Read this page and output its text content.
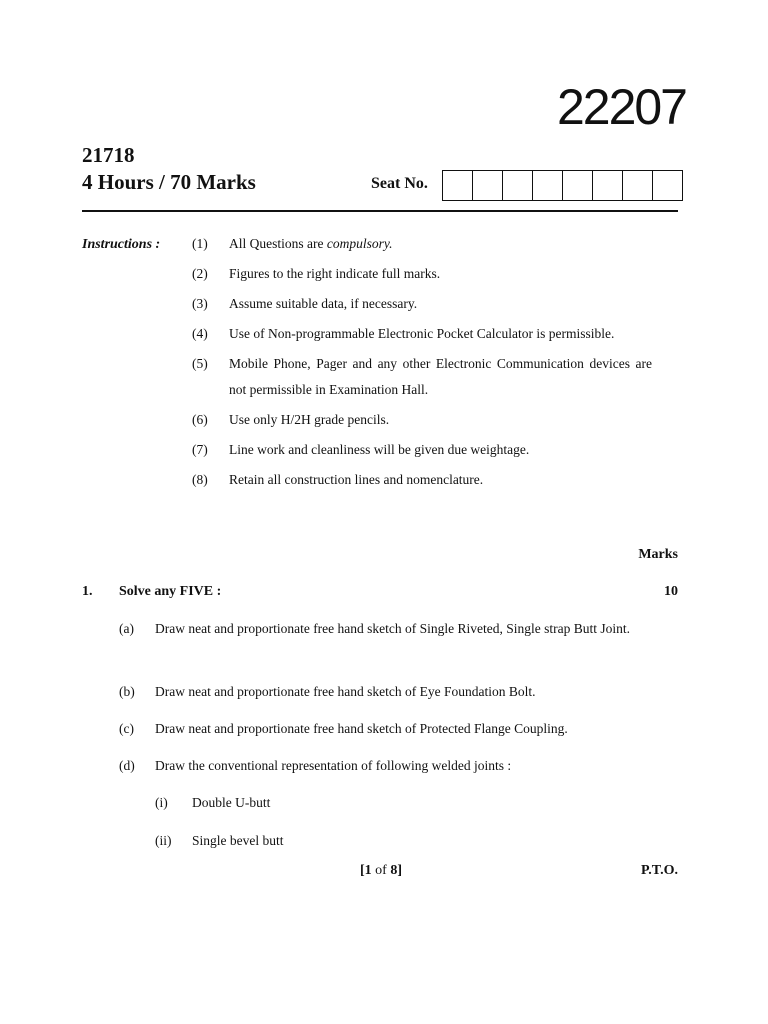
22207
21718
4 Hours / 70 Marks	Seat No.
Instructions : (1) All Questions are compulsory.
(2) Figures to the right indicate full marks.
(3) Assume suitable data, if necessary.
(4) Use of Non-programmable Electronic Pocket Calculator is permissible.
(5) Mobile Phone, Pager and any other Electronic Communication devices are not permissible in Examination Hall.
(6) Use only H/2H grade pencils.
(7) Line work and cleanliness will be given due weightage.
(8) Retain all construction lines and nomenclature.
Marks
1. Solve any FIVE :	10
(a) Draw neat and proportionate free hand sketch of Single Riveted, Single strap Butt Joint.
(b) Draw neat and proportionate free hand sketch of Eye Foundation Bolt.
(c) Draw neat and proportionate free hand sketch of Protected Flange Coupling.
(d) Draw the conventional representation of following welded joints :
(i) Double U-butt
(ii) Single bevel butt
[1 of 8]	P.T.O.
